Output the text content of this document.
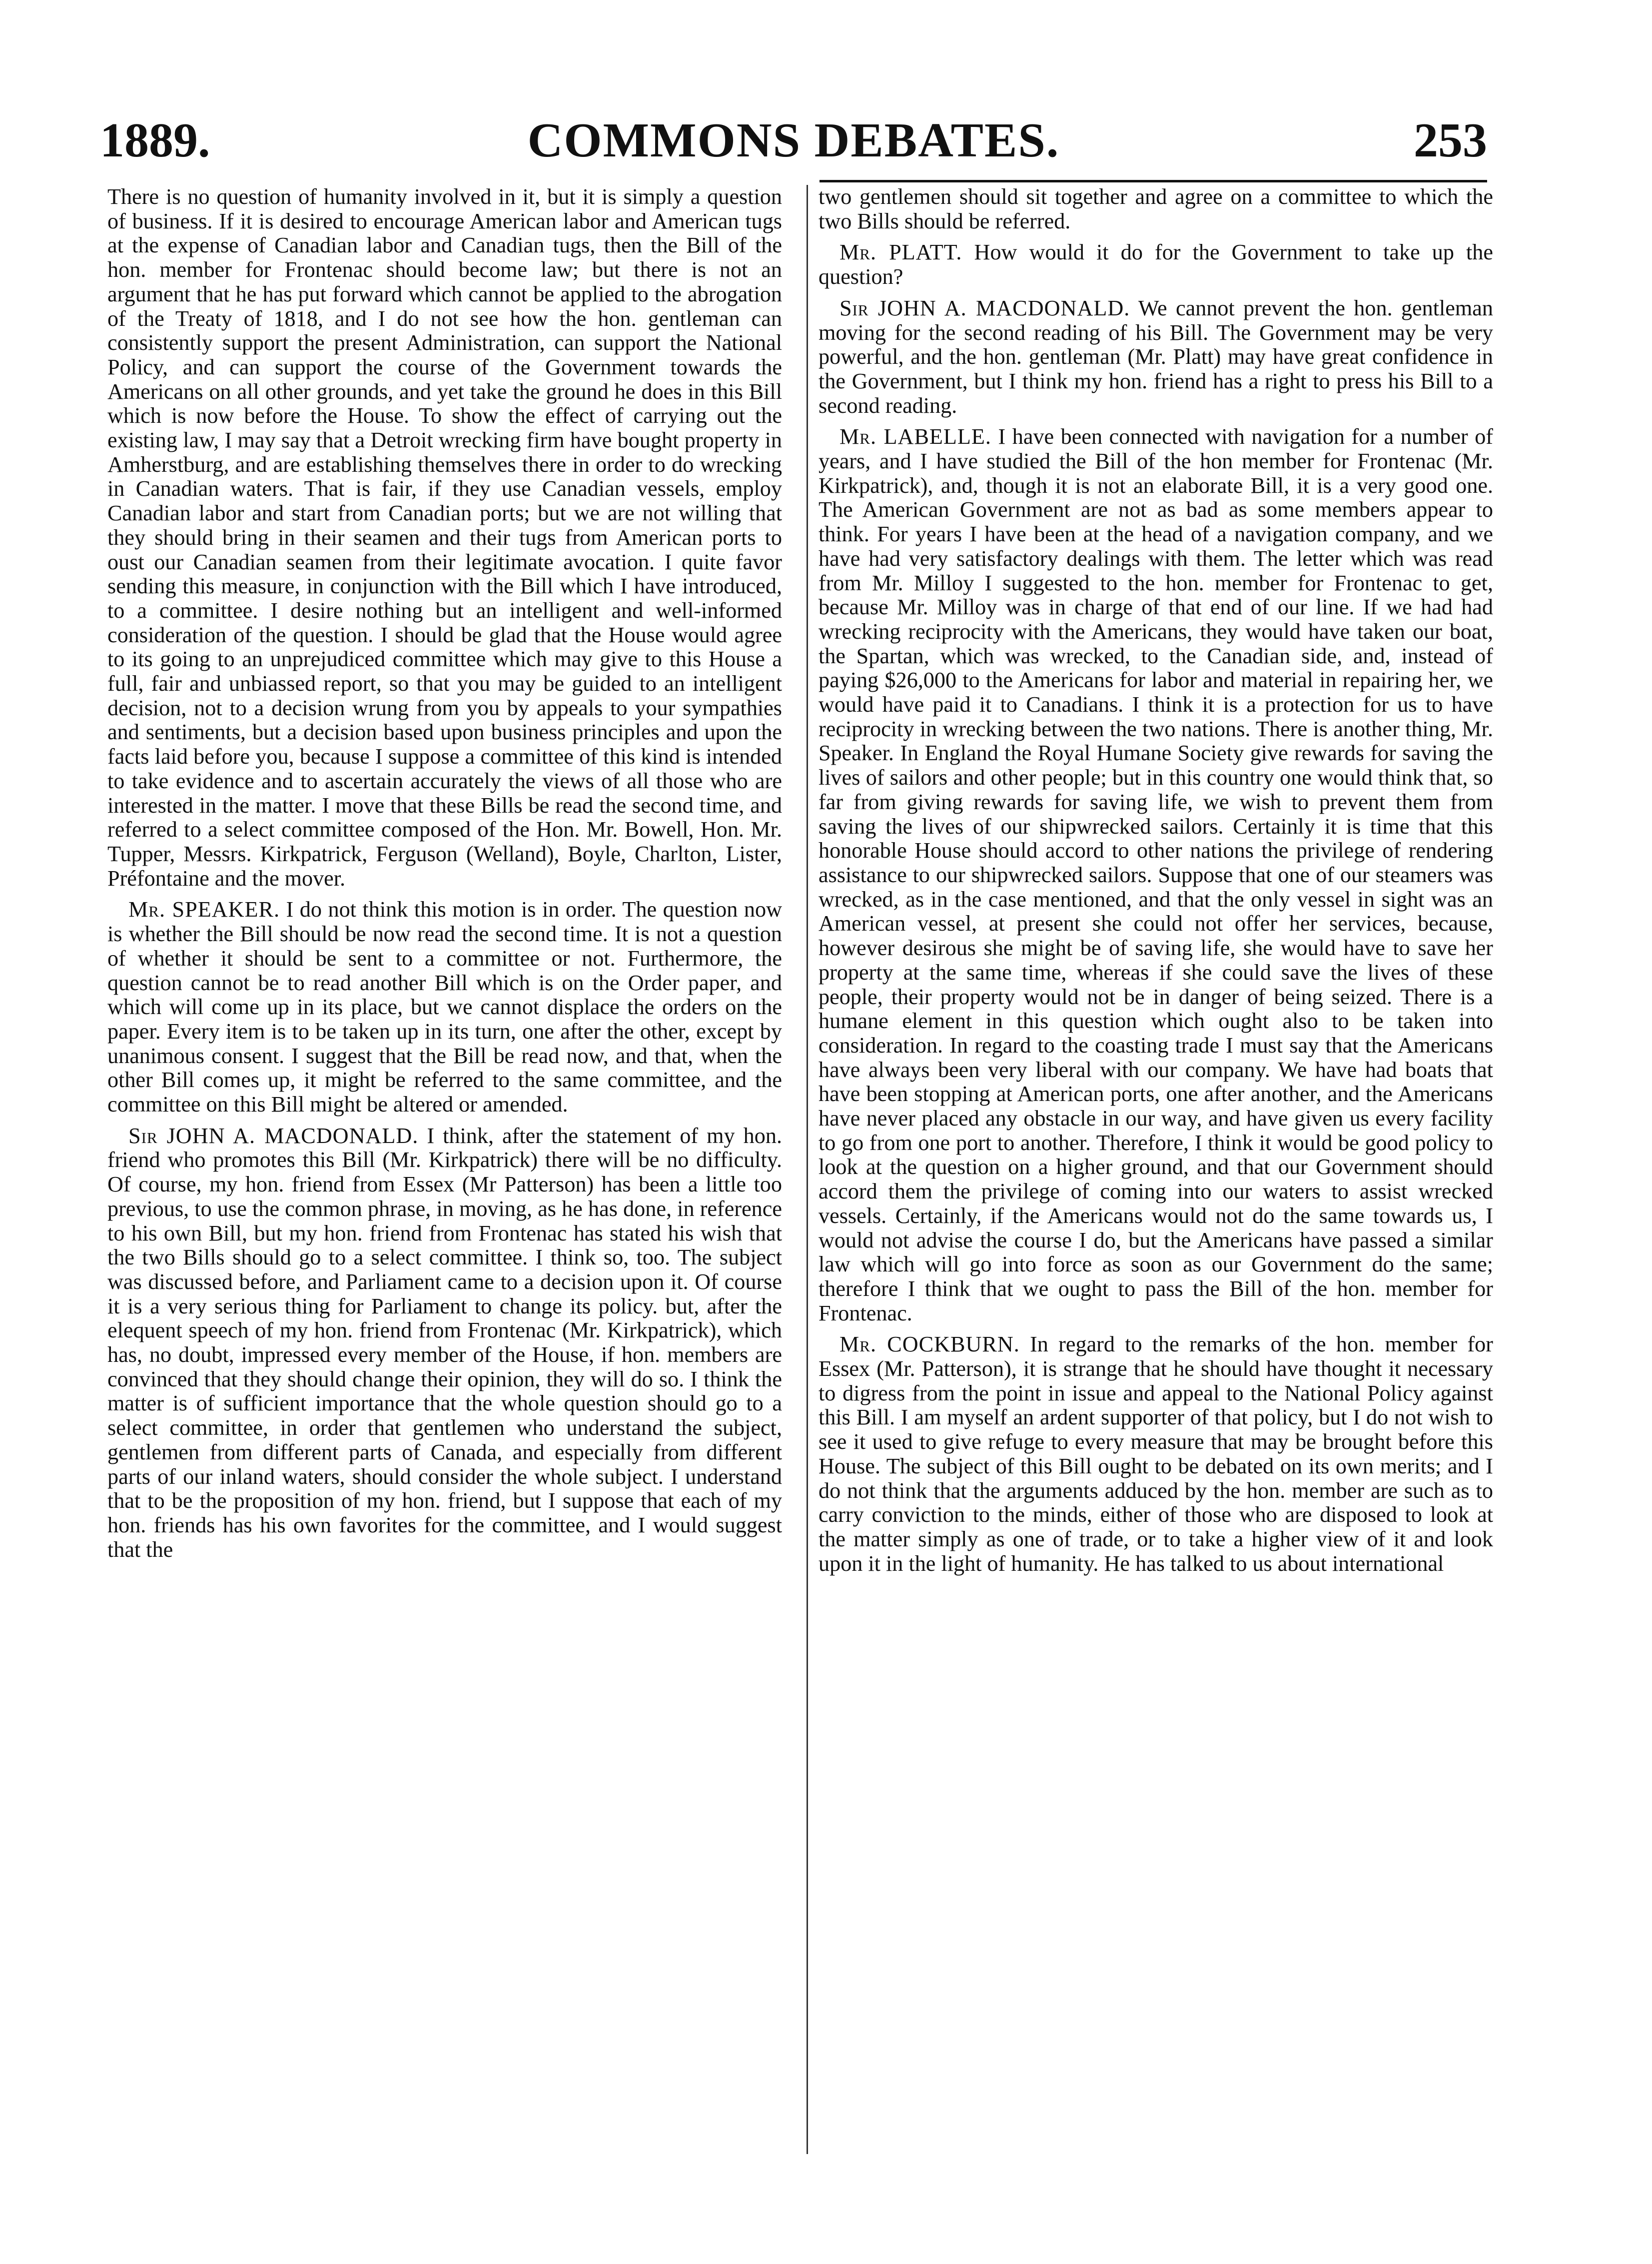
1889.	COMMONS DEBATES.	253

There is no question of humanity involved in it, but it is simply a question of business. If it is desired to encourage American labor and American tugs at the expense of Canadian labor and Canadian tugs, then the Bill of the hon. member for Frontenac should become law; but there is not an argument that he has put forward which cannot be applied to the abrogation of the Treaty of 1818, and I do not see how the hon. gentleman can consistently support the present Administration, can support the National Policy, and can support the course of the Government towards the Americans on all other grounds, and yet take the ground he does in this Bill which is now before the House. To show the effect of carrying out the existing law, I may say that a Detroit wrecking firm have bought property in Amherstburg, and are establishing themselves there in order to do wrecking in Canadian waters. That is fair, if they use Canadian vessels, employ Canadian labor and start from Canadian ports; but we are not willing that they should bring in their seamen and their tugs from American ports to oust our Canadian seamen from their legitimate avocation. I quite favor sending this measure, in conjunction with the Bill which I have introduced, to a committee. I desire nothing but an intelligent and well-informed consideration of the question. I should be glad that the House would agree to its going to an unprejudiced committee which may give to this House a full, fair and unbiassed report, so that you may be guided to an intelligent decision, not to a decision wrung from you by appeals to your sympathies and sentiments, but a decision based upon business principles and upon the facts laid before you, because I suppose a committee of this kind is intended to take evidence and to ascertain accurately the views of all those who are interested in the matter. I move that these Bills be read the second time, and referred to a select committee composed of the Hon. Mr. Bowell, Hon. Mr. Tupper, Messrs. Kirkpatrick, Ferguson (Welland), Boyle, Charlton, Lister, Préfontaine and the mover.

Mr. SPEAKER. I do not think this motion is in order. The question now is whether the Bill should be now read the second time. It is not a question of whether it should be sent to a committee or not. Furthermore, the question cannot be to read another Bill which is on the Order paper, and which will come up in its place, but we cannot displace the orders on the paper. Every item is to be taken up in its turn, one after the other, except by unanimous consent. I suggest that the Bill be read now, and that, when the other Bill comes up, it might be referred to the same committee, and the committee on this Bill might be altered or amended.

Sir JOHN A. MACDONALD. I think, after the statement of my hon. friend who promotes this Bill (Mr. Kirkpatrick) there will be no difficulty. Of course, my hon. friend from Essex (Mr Patterson) has been a little too previous, to use the common phrase, in moving, as he has done, in reference to his own Bill, but my hon. friend from Frontenac has stated his wish that the two Bills should go to a select committee. I think so, too. The subject was discussed before, and Parliament came to a decision upon it. Of course it is a very serious thing for Parliament to change its policy. but, after the elequent speech of my hon. friend from Frontenac (Mr. Kirkpatrick), which has, no doubt, impressed every member of the House, if hon. members are convinced that they should change their opinion, they will do so. I think the matter is of sufficient importance that the whole question should go to a select committee, in order that gentlemen who understand the subject, gentlemen from different parts of Canada, and especially from different parts of our inland waters, should consider the whole subject. I understand that to be the proposition of my hon. friend, but I suppose that each of my hon. friends has his own favorites for the committee, and I would suggest that the

two gentlemen should sit together and agree on a committee to which the two Bills should be referred.

Mr. PLATT. How would it do for the Government to take up the question?

Sir JOHN A. MACDONALD. We cannot prevent the hon. gentleman moving for the second reading of his Bill. The Government may be very powerful, and the hon. gentleman (Mr. Platt) may have great confidence in the Government, but I think my hon. friend has a right to press his Bill to a second reading.

Mr. LABELLE. I have been connected with navigation for a number of years, and I have studied the Bill of the hon member for Frontenac (Mr. Kirkpatrick), and, though it is not an elaborate Bill, it is a very good one. The American Government are not as bad as some members appear to think. For years I have been at the head of a navigation company, and we have had very satisfactory dealings with them. The letter which was read from Mr. Milloy I suggested to the hon. member for Frontenac to get, because Mr. Milloy was in charge of that end of our line. If we had had wrecking reciprocity with the Americans, they would have taken our boat, the Spartan, which was wrecked, to the Canadian side, and, instead of paying $26,000 to the Americans for labor and material in repairing her, we would have paid it to Canadians. I think it is a protection for us to have reciprocity in wrecking between the two nations. There is another thing, Mr. Speaker. In England the Royal Humane Society give rewards for saving the lives of sailors and other people; but in this country one would think that, so far from giving rewards for saving life, we wish to prevent them from saving the lives of our shipwrecked sailors. Certainly it is time that this honorable House should accord to other nations the privilege of rendering assistance to our shipwrecked sailors. Suppose that one of our steamers was wrecked, as in the case mentioned, and that the only vessel in sight was an American vessel, at present she could not offer her services, because, however desirous she might be of saving life, she would have to save her property at the same time, whereas if she could save the lives of these people, their property would not be in danger of being seized. There is a humane element in this question which ought also to be taken into consideration. In regard to the coasting trade I must say that the Americans have always been very liberal with our company. We have had boats that have been stopping at American ports, one after another, and the Americans have never placed any obstacle in our way, and have given us every facility to go from one port to another. Therefore, I think it would be good policy to look at the question on a higher ground, and that our Government should accord them the privilege of coming into our waters to assist wrecked vessels. Certainly, if the Americans would not do the same towards us, I would not advise the course I do, but the Americans have passed a similar law which will go into force as soon as our Government do the same; therefore I think that we ought to pass the Bill of the hon. member for Frontenac.

Mr. COCKBURN. In regard to the remarks of the hon. member for Essex (Mr. Patterson), it is strange that he should have thought it necessary to digress from the point in issue and appeal to the National Policy against this Bill. I am myself an ardent supporter of that policy, but I do not wish to see it used to give refuge to every measure that may be brought before this House. The subject of this Bill ought to be debated on its own merits; and I do not think that the arguments adduced by the hon. member are such as to carry conviction to the minds, either of those who are disposed to look at the matter simply as one of trade, or to take a higher view of it and look upon it in the light of humanity. He has talked to us about international
